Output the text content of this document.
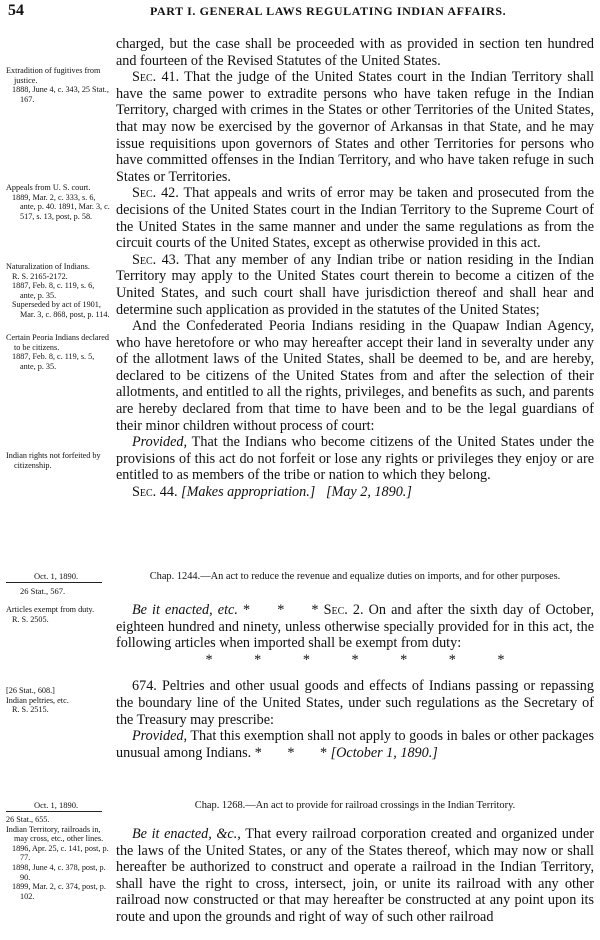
54	PART I. GENERAL LAWS REGULATING INDIAN AFFAIRS.

charged, but the case shall be proceeded with as provided in section ten hundred and fourteen of the Revised Statutes of the United States.

Sec. 41. That the judge of the United States court in the Indian Territory shall have the same power to extradite persons who have taken refuge in the Indian Territory, charged with crimes in the States or other Territories of the United States, that may now be exercised by the governor of Arkansas in that State, and he may issue requisitions upon governors of States and other Territories for persons who have committed offenses in the Indian Territory, and who have taken refuge in such States or Territories.

Sec. 42. That appeals and writs of error may be taken and prosecuted from the decisions of the United States court in the Indian Territory to the Supreme Court of the United States in the same manner and under the same regulations as from the circuit courts of the United States, except as otherwise provided in this act.

Sec. 43. That any member of any Indian tribe or nation residing in the Indian Territory may apply to the United States court therein to become a citizen of the United States, and such court shall have jurisdiction thereof and shall hear and determine such application as provided in the statutes of the United States;

And the Confederated Peoria Indians residing in the Quapaw Indian Agency, who have heretofore or who may hereafter accept their land in severalty under any of the allotment laws of the United States, shall be deemed to be, and are hereby, declared to be citizens of the United States from and after the selection of their allotments, and entitled to all the rights, privileges, and benefits as such, and parents are hereby declared from that time to have been and to be the legal guardians of their minor children without process of court:

Provided, That the Indians who become citizens of the United States under the provisions of this act do not forfeit or lose any rights or privileges they enjoy or are entitled to as members of the tribe or nation to which they belong.

Sec. 44. [Makes appropriation.] [May 2, 1890.]

Extradition of fugitives from justice.
1888, June 4, c. 343, 25 Stat., 167.
Appeals from U. S. court.
1889, Mar. 2, c. 333, s. 6, ante, p. 40. 1891, Mar. 3, c. 517, s. 13, post, p. 58.
Naturalization of Indians.
R. S. 2165-2172.
1887, Feb. 8, c. 119, s. 6, ante, p. 35.
Superseded by act of 1901, Mar. 3, c. 868, post, p. 114.
Certain Peoria Indians declared to be citizens.
1887, Feb. 8, c. 119, s. 5, ante, p. 35.
Indian rights not forfeited by citizenship.
Oct. 1, 1890.
26 Stat., 567.
Chap. 1244.—An act to reduce the revenue and equalize duties on imports, and for other purposes.
Articles exempt from duty.
R. S. 2505.

Be it enacted, etc. * * * Sec. 2. On and after the sixth day of October, eighteen hundred and ninety, unless otherwise specially provided for in this act, the following articles when imported shall be exempt from duty:

* * * * * * *

674. Peltries and other usual goods and effects of Indians passing or repassing the boundary line of the United States, under such regulations as the Secretary of the Treasury may prescribe:

Provided, That this exemption shall not apply to goods in bales or other packages unusual among Indians. * * * [October 1, 1890.]

[26 Stat., 608.]
Indian peltries, etc.
R. S. 2515.
Oct. 1, 1890.	Chap. 1268.—An act to provide for railroad crossings in the Indian Territory.
26 Stat., 655.
Indian Territory, railroads in, may cross, etc., other lines.
1896, Apr. 25, c. 141, post, p. 77.
1898, June 4, c. 378, post, p. 90.
1899, Mar. 2, c. 374, post, p. 102.

Be it enacted, &c., That every railroad corporation created and organized under the laws of the United States, or any of the States thereof, which may now or shall hereafter be authorized to construct and operate a railroad in the Indian Territory, shall have the right to cross, intersect, join, or unite its railroad with any other railroad now constructed or that may hereafter be constructed at any point upon its route and upon the grounds and right of way of such other railroad
